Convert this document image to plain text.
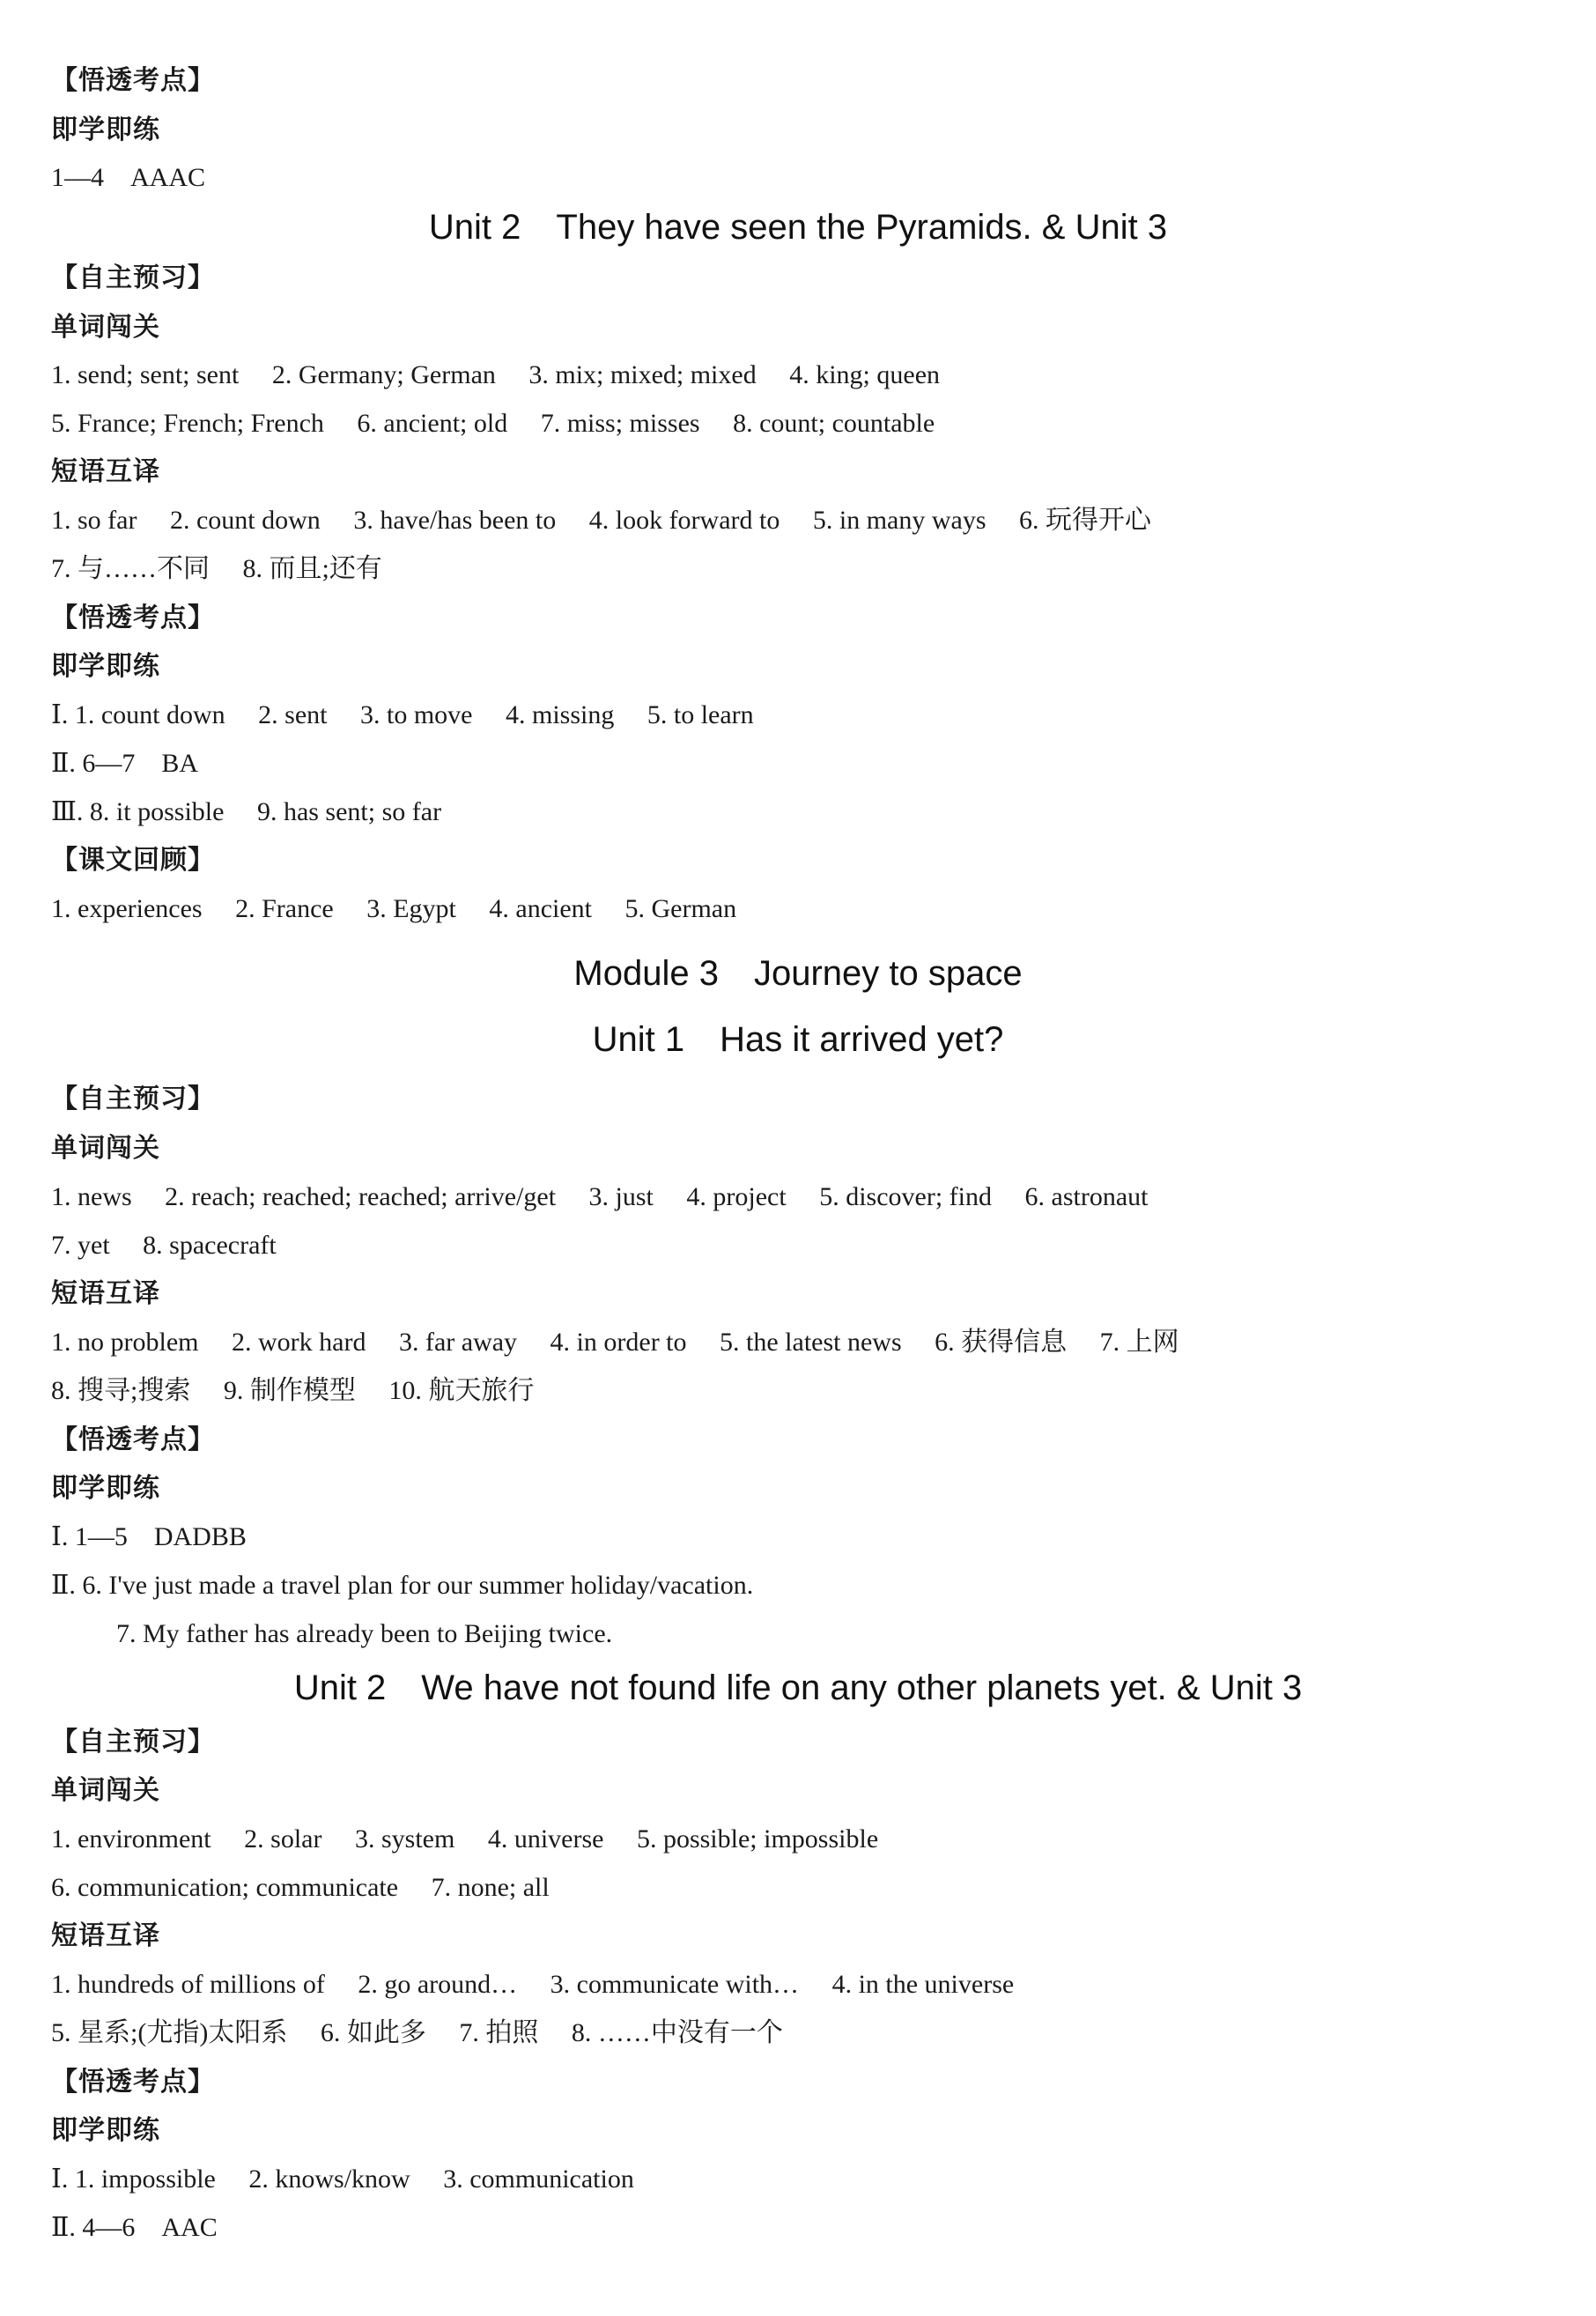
【悟透考点】
即学即练
1—4　AAAC
Unit 2　They have seen the Pyramids. & Unit 3
【自主预习】
单词闯关
1. send; sent; sent 2. Germany; German 3. mix; mixed; mixed 4. king; queen
5. France; French; French 6. ancient; old 7. miss; misses 8. count; countable
短语互译
1. so far 2. count down 3. have/has been to 4. look forward to 5. in many ways 6. 玩得开心
7. 与……不同 8. 而且;还有
【悟透考点】
即学即练
Ⅰ. 1. count down 2. sent 3. to move 4. missing 5. to learn
Ⅱ. 6—7　BA
Ⅲ. 8. it possible 9. has sent; so far
【课文回顾】
1. experiences 2. France 3. Egypt 4. ancient 5. German
Module 3　Journey to space
Unit 1　Has it arrived yet?
【自主预习】
单词闯关
1. news 2. reach; reached; reached; arrive/get 3. just 4. project 5. discover; find 6. astronaut
7. yet 8. spacecraft
短语互译
1. no problem 2. work hard 3. far away 4. in order to 5. the latest news 6. 获得信息 7. 上网
8. 搜寻;搜索 9. 制作模型 10. 航天旅行
【悟透考点】
即学即练
Ⅰ. 1—5　DADBB
Ⅱ. 6. I've just made a travel plan for our summer holiday/vacation.
7. My father has already been to Beijing twice.
Unit 2　We have not found life on any other planets yet. & Unit 3
【自主预习】
单词闯关
1. environment 2. solar 3. system 4. universe 5. possible; impossible
6. communication; communicate 7. none; all
短语互译
1. hundreds of millions of 2. go around… 3. communicate with… 4. in the universe
5. 星系;(尤指)太阳系 6. 如此多 7. 拍照 8. ……中没有一个
【悟透考点】
即学即练
Ⅰ. 1. impossible 2. knows/know 3. communication
Ⅱ. 4—6　AAC
